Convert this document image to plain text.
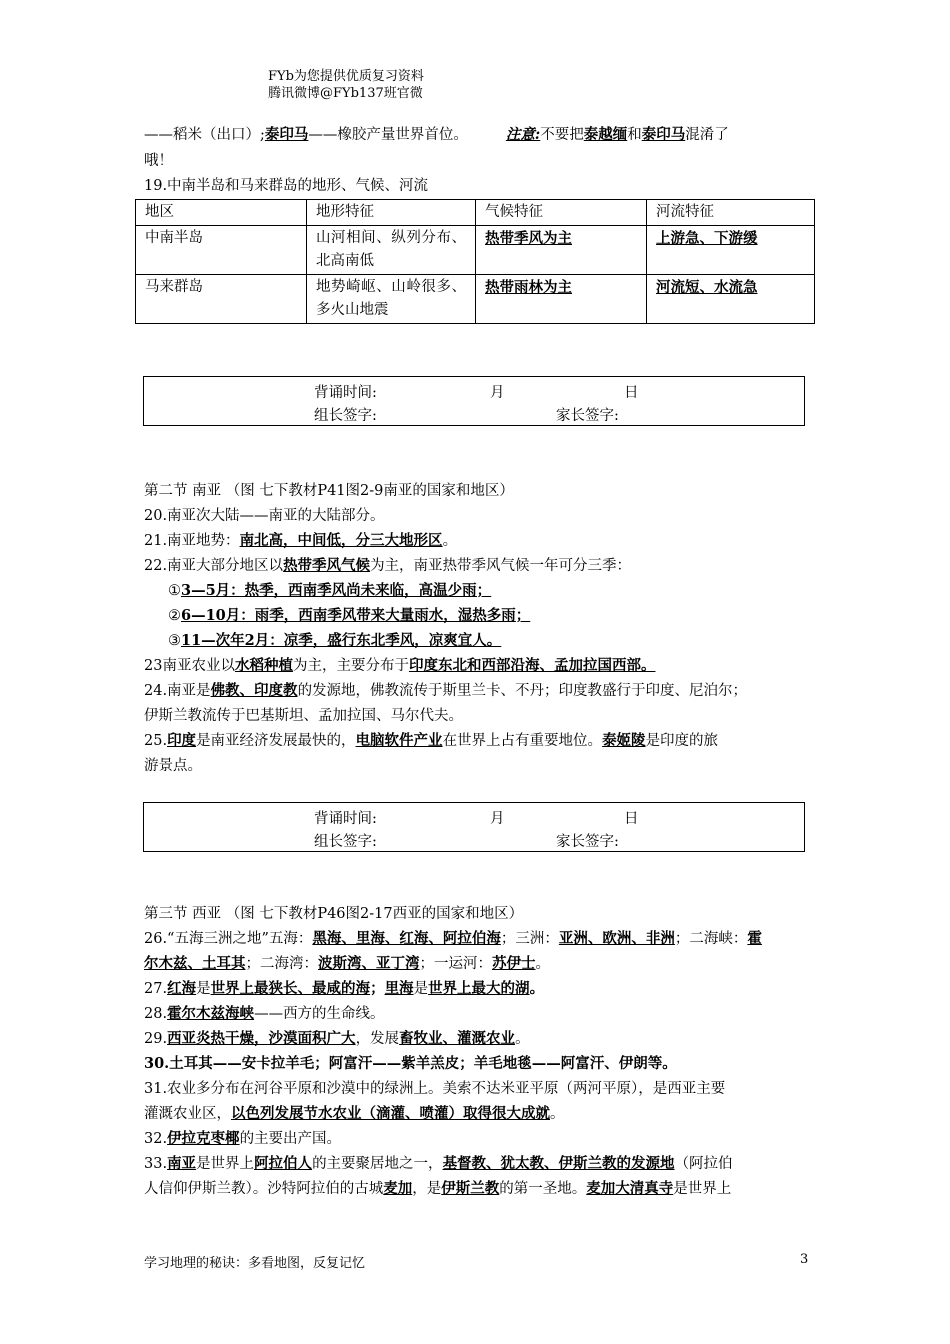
FYb为您提供优质复习资料
腾讯微博@FYb137班官微
——稻米（出口）;泰印马——橡胶产量世界首位。	注意:不要把泰越缅和泰印马混淆了
哦！
19.中南半岛和马来群岛的地形、气候、河流
地区	地形特征	气候特征	河流特征
中南半岛	山河相间、纵列分布、北高南低	热带季风为主	上游急、下游缓
马来群岛	地势崎岖、山岭很多、多火山地震	热带雨林为主	河流短、水流急
背诵时间:	月	日
组长签字:	家长签字:
第二节 南亚 （图 七下教材P41图2-9南亚的国家和地区）
20.南亚次大陆——南亚的大陆部分。
21.南亚地势：南北高，中间低，分三大地形区。
22.南亚大部分地区以热带季风气候为主，南亚热带季风气候一年可分三季：
①3—5月：热季，西南季风尚未来临，高温少雨；
②6—10月：雨季，西南季风带来大量雨水，湿热多雨；
③11—次年2月：凉季，盛行东北季风，凉爽宜人。
23南亚农业以水稻种植为主，主要分布于印度东北和西部沿海、孟加拉国西部。
24.南亚是佛教、印度教的发源地，佛教流传于斯里兰卡、不丹；印度教盛行于印度、尼泊尔；
伊斯兰教流传于巴基斯坦、孟加拉国、马尔代夫。
25.印度是南亚经济发展最快的，电脑软件产业在世界上占有重要地位。泰姬陵是印度的旅
游景点。
背诵时间:	月	日
组长签字:	家长签字:
第三节 西亚 （图 七下教材P46图2-17西亚的国家和地区）
26.“五海三洲之地”五海：黑海、里海、红海、阿拉伯海；三洲：亚洲、欧洲、非洲；二海峡：霍
尔木兹、土耳其；二海湾：波斯湾、亚丁湾；一运河：苏伊士。
27.红海是世界上最狭长、最咸的海；里海是世界上最大的湖。
28.霍尔木兹海峡——西方的生命线。
29.西亚炎热干燥，沙漠面积广大，发展畜牧业、灌溉农业。
30.土耳其——安卡拉羊毛；阿富汗——紫羊羔皮；羊毛地毯——阿富汗、伊朗等。
31.农业多分布在河谷平原和沙漠中的绿洲上。美索不达米亚平原（两河平原），是西亚主要
灌溉农业区，以色列发展节水农业（滴灌、喷灌）取得很大成就。
32.伊拉克枣椰的主要出产国。
33.南亚是世界上阿拉伯人的主要聚居地之一，基督教、犹太教、伊斯兰教的发源地（阿拉伯
人信仰伊斯兰教）。沙特阿拉伯的古城麦加，是伊斯兰教的第一圣地。麦加大清真寺是世界上
学习地理的秘诀：多看地图，反复记忆	3
